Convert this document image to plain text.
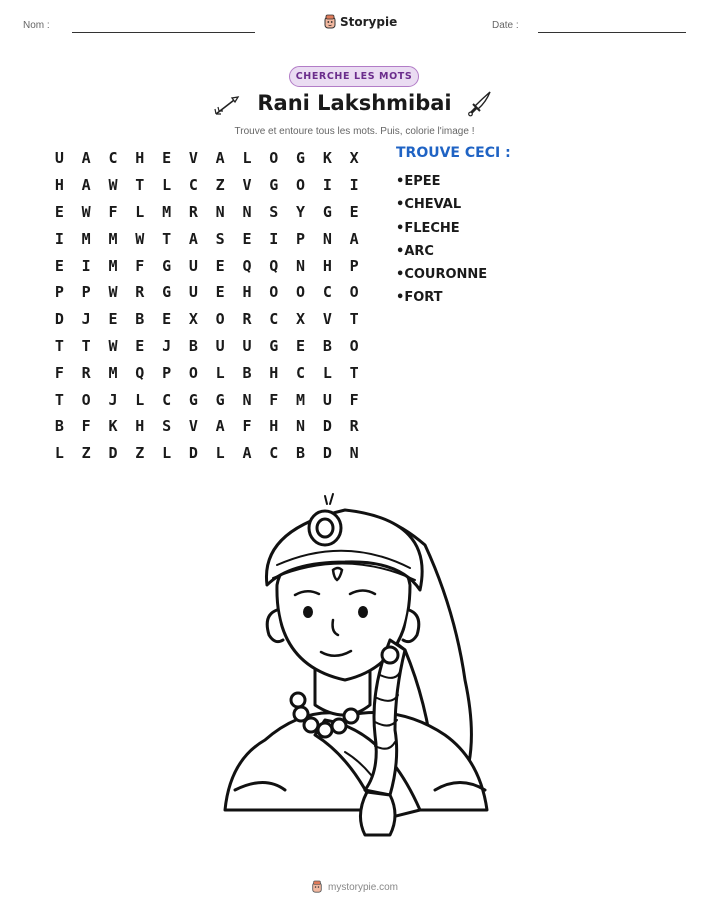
Nom :	Storypie	Date :
CHERCHE LES MOTS
Rani Lakshmibai
Trouve et entoure tous les mots. Puis, colorie l'image !
U	A	C	H	E	V	A	L	O	G	K	X
H	A	W	T	L	C	Z	V	G	O	I	I
E	W	F	L	M	R	N	N	S	Y	G	E
I	M	M	W	T	A	S	E	I	P	N	A
E	I	M	F	G	U	E	Q	Q	N	H	P
P	P	W	R	G	U	E	H	O	O	C	O
D	J	E	B	E	X	O	R	C	X	V	T
T	T	W	E	J	B	U	U	G	E	B	O
F	R	M	Q	P	O	L	B	H	C	L	T
T	O	J	L	C	G	G	N	F	M	U	F
B	F	K	H	S	V	A	F	H	N	D	R
L	Z	D	Z	L	D	L	A	C	B	D	N
TROUVE CECI :
• EPEE
• CHEVAL
• FLECHE
• ARC
• COURONNE
• FORT
mystorypie.com
